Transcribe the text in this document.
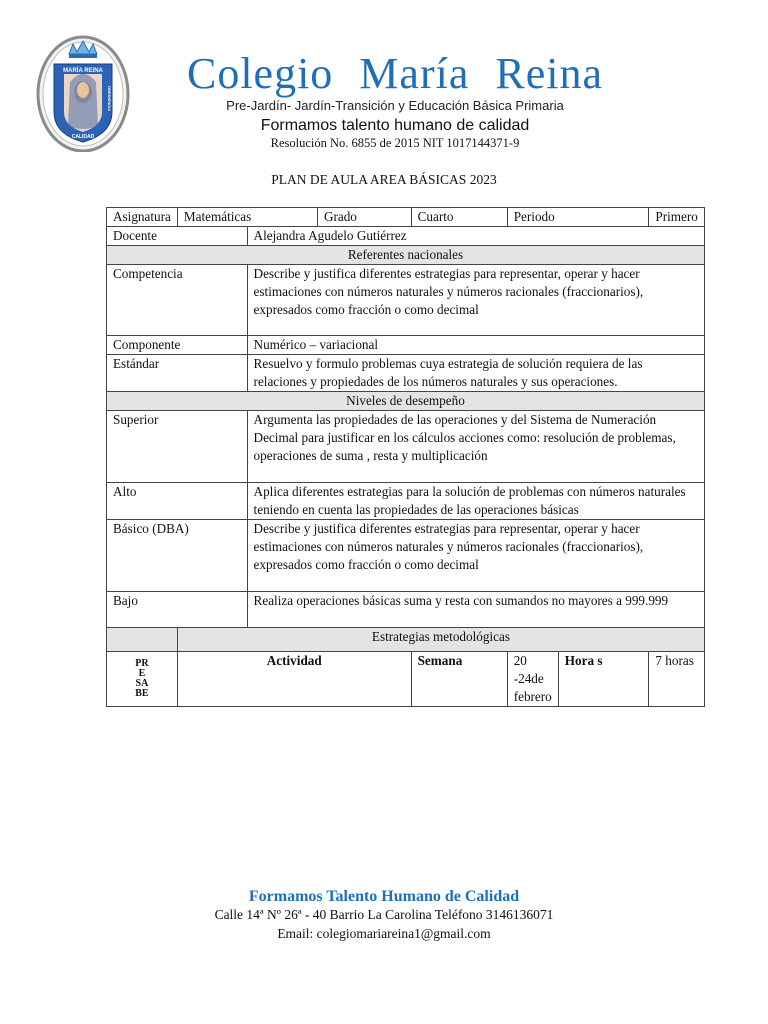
MARÍA REINA
CALIDAD
SUPERACIÓN	OBEDIENCIA
Colegio María Reina
Pre-Jardín- Jardín-Transición y Educación Básica Primaria
Formamos talento humano de calidad
Resolución No. 6855 de 2015 NIT 1017144371-9
PLAN DE AULA AREA BÁSICAS 2023
Asignatura	Matemáticas		Grado	Cuarto	Periodo		Primero
Docente		Alejandra Agudelo Gutiérrez					
Referentes nacionales							
Competencia		Describe y justifica diferentes estrategias para representar, operar y hacer estimaciones con números naturales y números racionales (fraccionarios), expresados como fracción o como decimal					
Componente		Numérico – variacional					
Estándar		Resuelvo y formulo problemas cuya estrategia de solución requiera de las relaciones y propiedades de los números naturales y sus operaciones.					
Niveles de desempeño							
Superior		Argumenta las propiedades de las operaciones y del Sistema de Numeración Decimal para justificar en los cálculos acciones como: resolución de problemas, operaciones de suma , resta y multiplicación					
Alto		Aplica diferentes estrategias para la solución de problemas con números naturales teniendo en cuenta las propiedades de las operaciones básicas					
Básico (DBA)		Describe y justifica diferentes estrategias para representar, operar y hacer estimaciones con números naturales y números racionales (fraccionarios), expresados como fracción o como decimal					
Bajo		Realiza operaciones básicas suma y resta con sumandos no mayores a 999.999					
	Estrategias metodológicas						
PR
E
SA
BE	Actividad			Semana	20 -24de febrero	Hora s	7 horas
Formamos Talento Humano de Calidad
Calle 14ª Nº 26ª - 40 Barrio La Carolina Teléfono 3146136071
Email: colegiomariareina1@gmail.com
